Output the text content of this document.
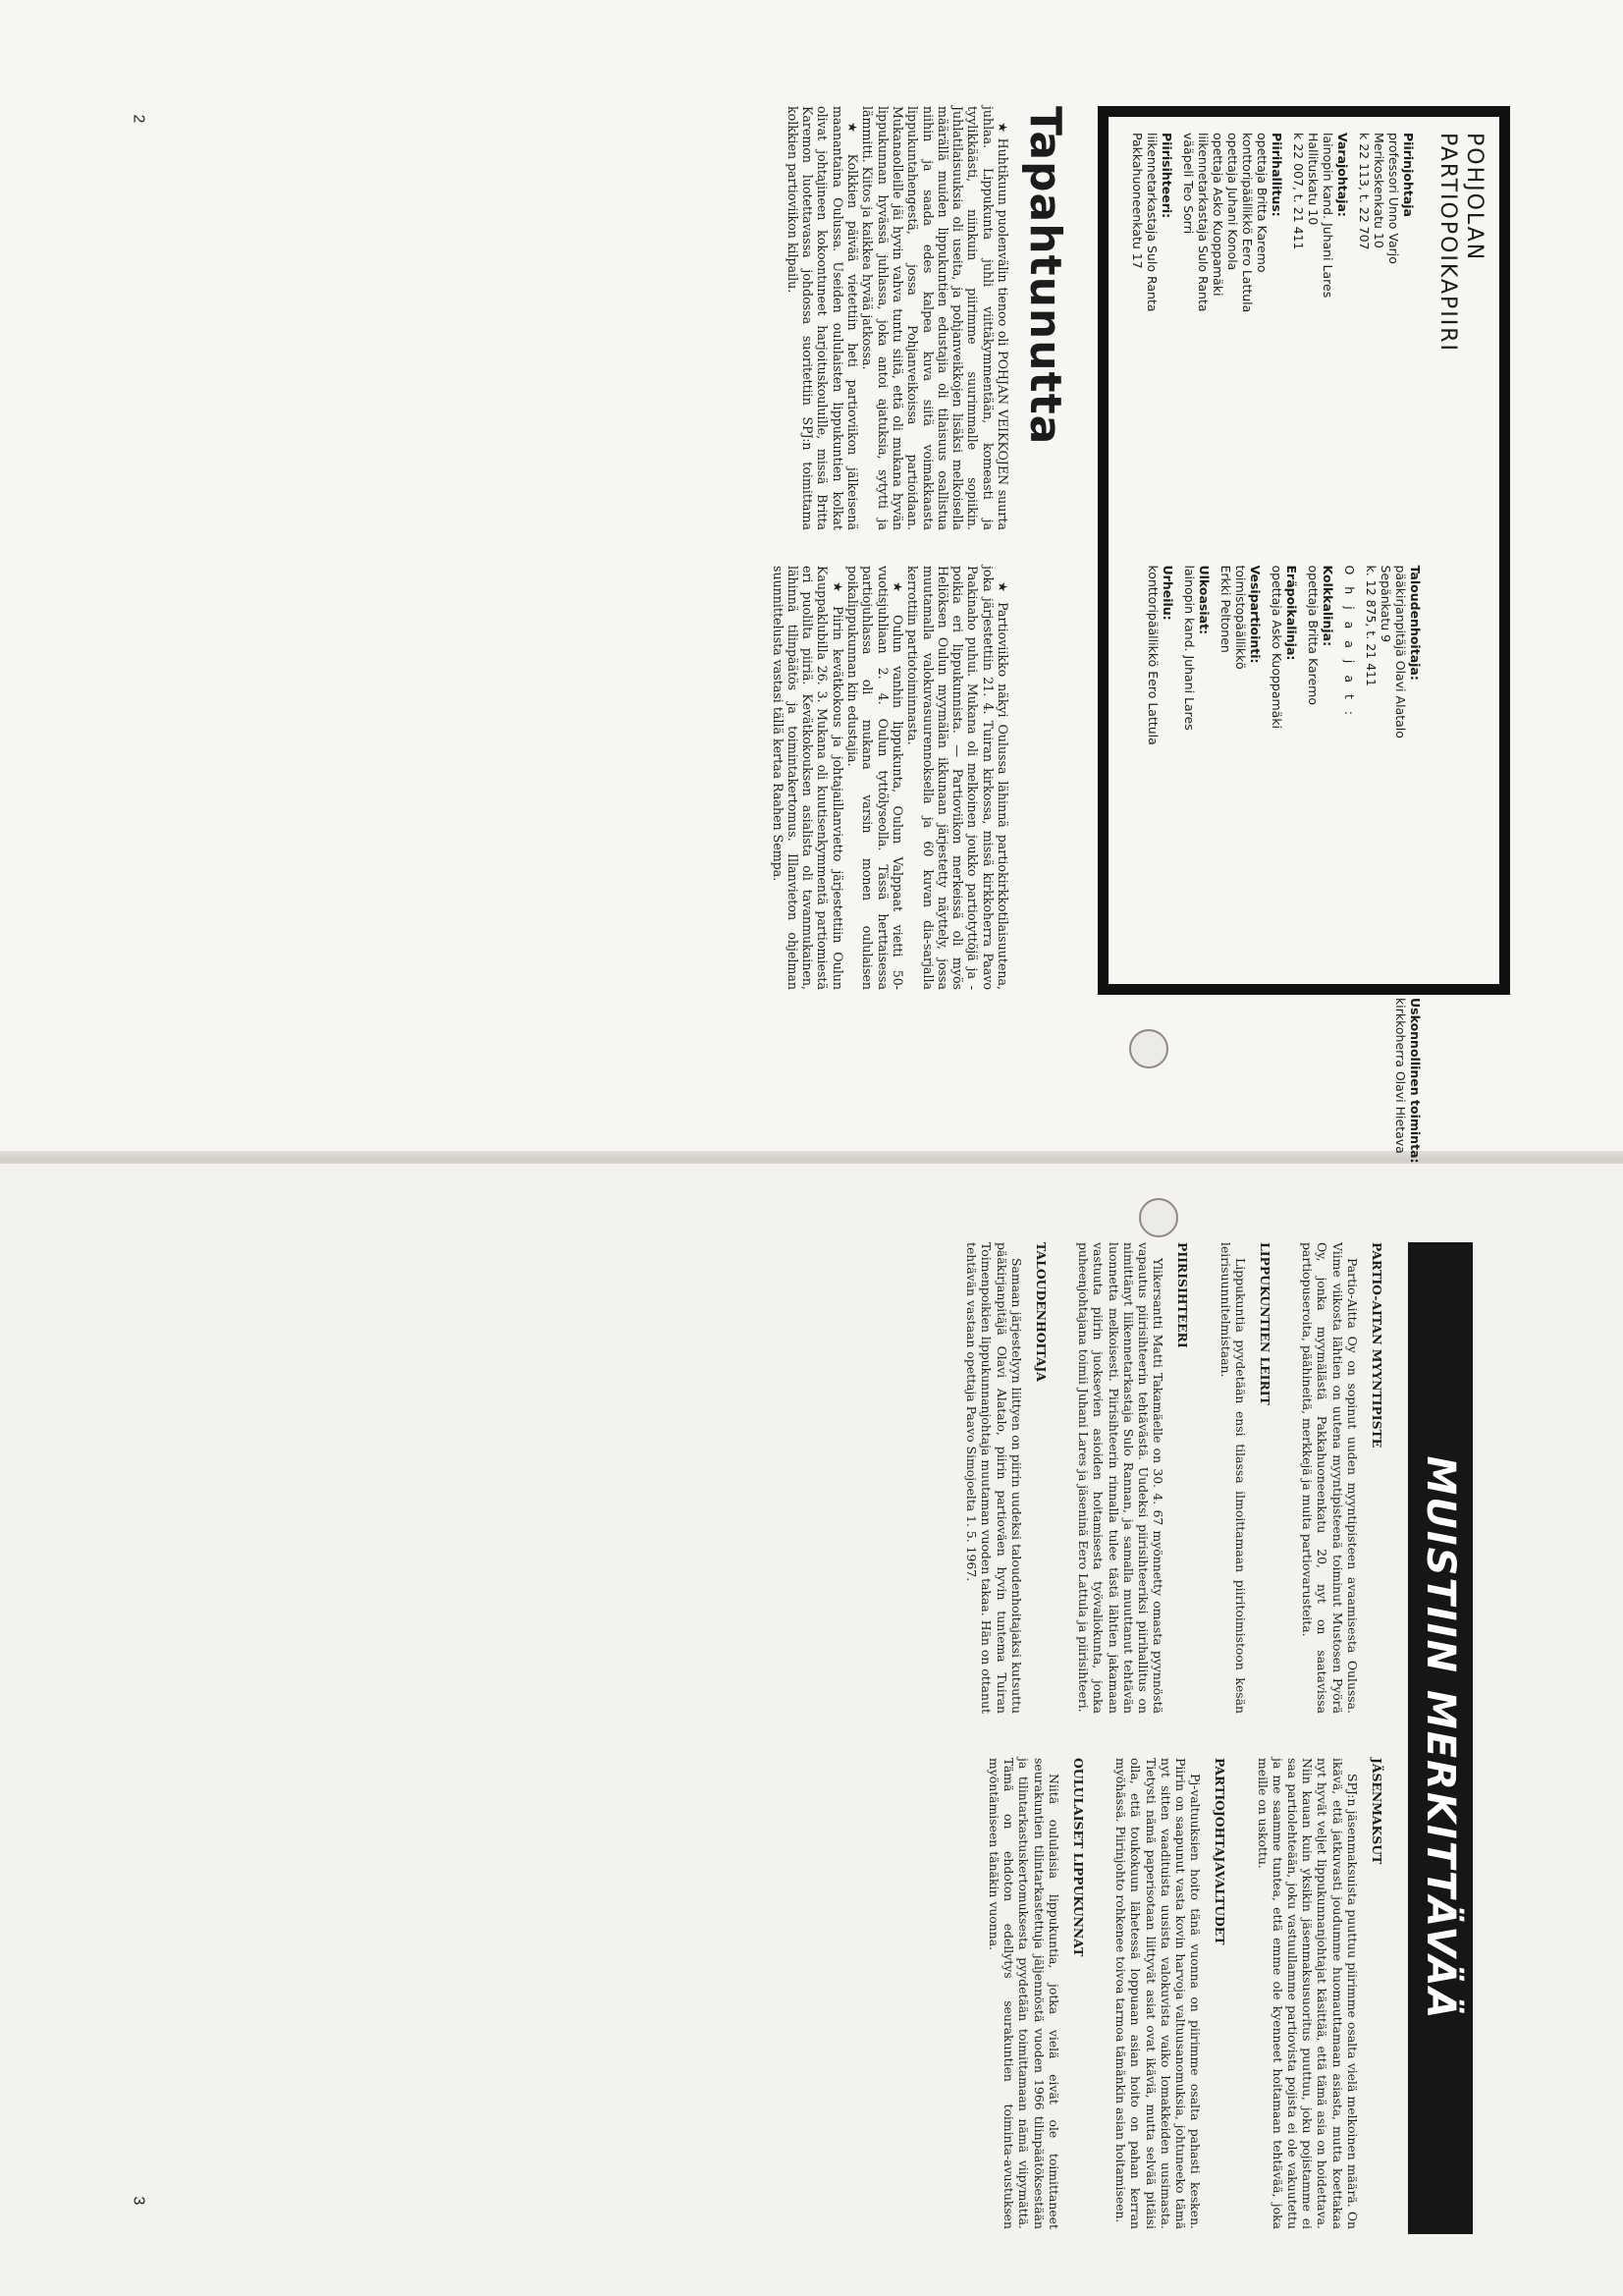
2
3
POHJOLAN
PARTIOPOIKAPIIRI

Piirinjohtaja

professori Unno Varjo

Merikoskenkatu 10

k 22 113, t. 22 707

Varajohtaja:

lainopin kand. Juhani Lares

Hallituskatu 10

k 22 007, t. 21 411

Piirihallitus:

opettaja Britta Karemo

konttoripäällikkö Eero Lattula

opettaja Juhani Konola

opettaja Asko Kuoppamäki

liikennetarkastaja Sulo Ranta

vääpeli Teo Sorri

Piirisihteeri:

liikennetarkastaja Sulo Ranta

Pakkahuoneenkatu 17

Taloudenhoitaja:

pääkirjanpitäjä Olavi Alatalo

Sepänkatu 9

k. 12 875, t. 21 411

O h j a a j a t :

Kolkkalinja:

opettaja Britta Karemo

Eräpoikalinja:

opettaja Asko Kuoppamäki

Vesipartiointi:

toimistopäällikkö

Erkki Peltonen

Ulkoasiat:

lainopin kand. Juhani Lares

Urheilu:

konttoripäällikkö Eero Lattula

Uskonnollinen toiminta:

kirkkoherra Olavi Hietava

Tapahtunutta

★ Huhtikuun puolenvälin tienoo oli POHJAN VEIKKOJEN suurta juhlaa. Lippukunta juhli viittäkymmentään, komeasti ja tyylikkäästi, niinkuin piirimme suurimmalle sopiikin. Juhlatilaisuuksia oli useita, ja pohjanveikkojen lisäksi melkoisella määrällä muiden lippukuntien edustajia oli tilaisuus osallistua niihin ja saada edes kalpea kuva siitä voimakkaasta lippukuntahengestä, jossa Pohjanveikoissa partioidaan. Mukanaolleille jäi hyvin vahva tuntu siitä, että oli mukana hyvän lippukunnan hyvässä juhlassa, joka antoi ajatuksia, sytytti ja lämmitti. Kiitos ja kaikkea hyvää jatkossa.

★ Kolkkien päivää vietettiin heti partioviikon jälkeisenä maanantaina Oulussa. Useiden oululaisten lippukuntien kolkat olivat johtajineen kokoontuneet harjoituskouluille, missä Britta Karemon luotettavassa johdossa suoritettiin SPJ:n toimittama kolkkien partioviikon kilpailu.

★ Partioviikko näkyi Oulussa lähinnä partiokirkkotilaisuutena, joka järjestettiin 21. 4. Tuiran kirkossa, missä kirkkoherra Paavo Paakinaho puhui. Mukana oli melkoinen joukko partiotyttöjä ja -poikia eri lippukunnista. — Partioviikon merkeissä oli myös Heliöksen Oulun myymälän ikkunaan järjestetty näyttely, jossa muutamalla valokuvasuurennoksella ja 60 kuvan dia-sarjalla kerrottiin partiotoiminnasta.

★ Oulun vanhin lippukunta, Oulun Valppaat vietti 50-vuotisjuhliaan 2. 4. Oulun tyttölyseolla. Tässä herttaisessa partiojuhlassa oli mukana varsin monen oululaisen poikalippukunnan kin edustajia.

★ Piirin kevätkokous ja johtajaillanvietto järjestettiin Oulun Kauppaklubilla 26. 3. Mukana oli kuutisenkymmentä partiomiestä eri puolilta piiriä. Kevätkokouksen asialista oli tavanmukainen, lähinnä tilinpäätös ja toimintakertomus. Illanvieton ohjelman suunnittelusta vastasi tällä kertaa Raahen Sempa.

MUISTIIN MERKITTÄVÄÄ

PARTIO-AITAN MYYNTIPISTE

Partio-Aitta Oy on sopinut uuden myyntipisteen avaamisesta Oulussa. Viime viikosta lähtien on uutena myyntipisteenä toiminut Mustosen Pyörä Oy, jonka myymälästä Pakkahuoneenkatu 20, nyt on saatavissa partiopuseroita, päähineitä, merkkejä ja muita partiovarusteita.

LIPPUKUNTIEN LEIRIT

Lippukuntia pyydetään ensi tilassa ilmoittamaan piiritoimistoon kesän leirisuunnitelmistaan.

PIIRISIHTEERI

Ylikersantti Matti Takamäelle on 30. 4. 67 myönnetty omasta pyynnöstä vapautus piirisihteerin tehtävästä. Uudeksi piirisihteeriksi piirihallitus on nimittänyt liikennetarkastaja Sulo Rannan, ja samalla muuttanut tehtävän luonnetta melkoisesti. Piirisihteerin rinnalla tulee tästä lähtien jakamaan vastuuta piirin juoksevien asioiden hoitamisesta työvaliokunta, jonka puheenjohtajana toimii Juhani Lares ja jäseninä Eero Lattula ja piirisihteeri.

TALOUDENHOITAJA

Samaan järjestelyyn liittyen on piirin uudeksi taloudenhoitajaksi kutsuttu pääkirjanpitäjä Olavi Alatalo, piirin partioväen hyvin tuntema Tuiran Toimenpoikien lippukunnanjohtaja muutaman vuoden takaa. Hän on ottanut tehtävän vastaan opettaja Paavo Simojoelta 1. 5. 1967.

JÄSENMAKSUT

SPJ:n jäsenmaksuista puuttuu piirimme osalta vielä melkoinen määrä. On ikävä, että jatkuvasti joudumme huomauttamaan asiasta, mutta koettakaa nyt hyvät veljet lippukunnanjohtajat käsittää, että tämä asia on hoidettava. Niin kauan kuin yksikin jäsenmaksusuoritus puuttuu, joku pojistamme ei saa partiolehteään, joku vastuullamme partiovista pojista ei ole vakuutettu ja me saamme tuntea, että emme ole kyenneet hoitamaan tehtävää, joka meille on uskottu.

PARTIOJOHTAJAVALTUDET

Pj-valtuuksien hoito tänä vuonna on piirimme osalta pahasti kesken. Piirin on saapunut vasta kovin harvoja valtuusanomuksia, johtuneeko tämä nyt sitten vaadituista uusista valokuvista vaiko lomakkeiden uusimasta. Tietysti nämä paperisotaan liittyvät asiat ovat ikäviä, mutta selvää pitäisi olla, että toukokuun lähetessä loppuaan asian hoito on pahan kerran myöhässä. Piirinjohto rohkenee toivoa tarmoa tämänkin asian hoitamiseen.

OULULAISET LIPPUKUNNAT

Niitä oululaisia lippukuntia, jotka vielä eivät ole toimittaneet seurakuntien tilintarkastettuja jäljennöstä vuoden 1966 tilinpäätöksestään ja tilintarkastuskertomuksesta pyydetään toimittamaan nämä viipymättä. Tämä on ehdoton edellytys seurakuntien toiminta-avustuksen myöntämiseen tänäkin vuonna.
